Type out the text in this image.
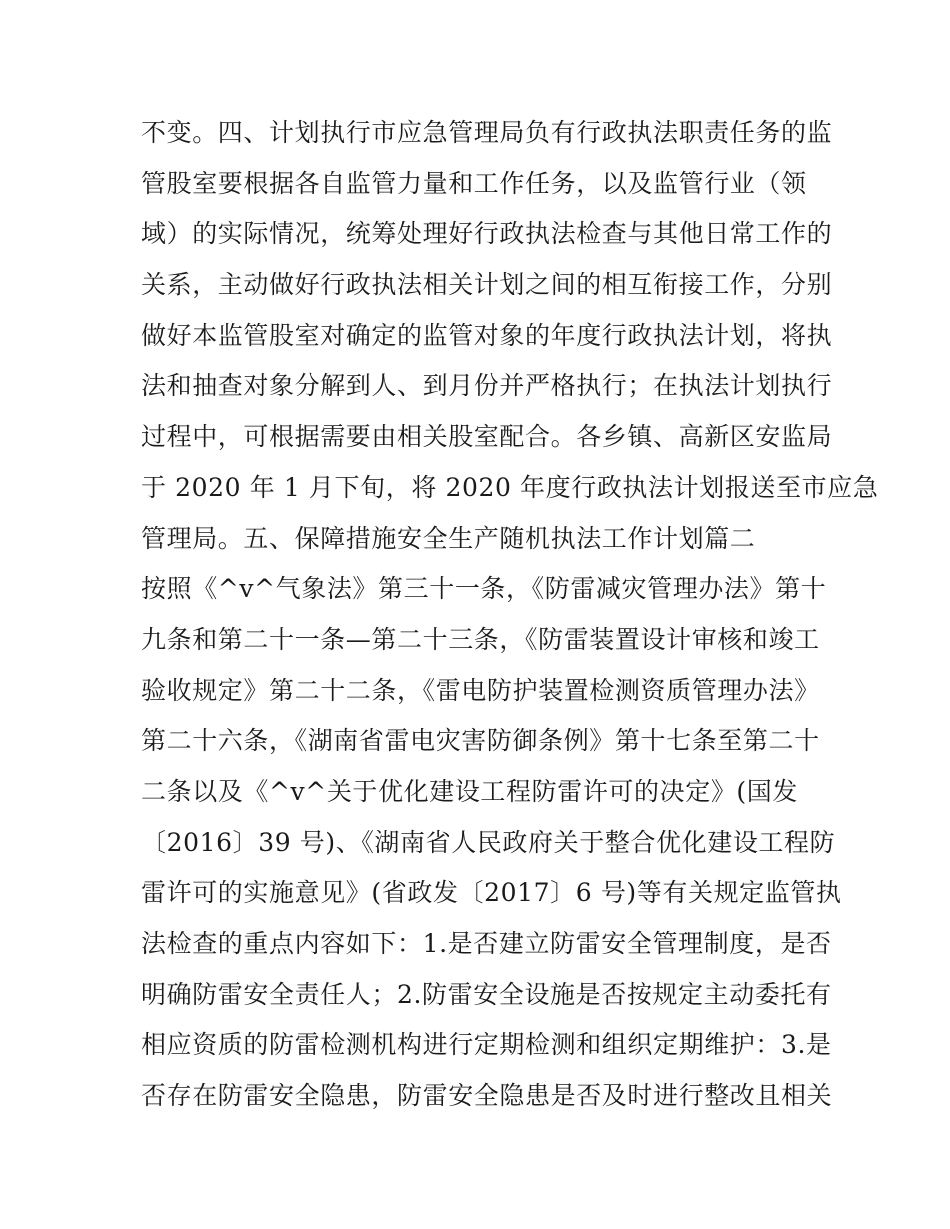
不变。四、计划执行市应急管理局负有行政执法职责任务的监
管股室要根据各自监管力量和工作任务，以及监管行业（领
域）的实际情况，统筹处理好行政执法检查与其他日常工作的
关系，主动做好行政执法相关计划之间的相互衔接工作，分别
做好本监管股室对确定的监管对象的年度行政执法计划，将执
法和抽查对象分解到人、到月份并严格执行；在执法计划执行
过程中，可根据需要由相关股室配合。各乡镇、高新区安监局
于 2020 年 1 月下旬，将 2020 年度行政执法计划报送至市应急
管理局。五、保障措施安全生产随机执法工作计划篇二
按照《^v^气象法》第三十一条，《防雷减灾管理办法》第十
九条和第二十一条—第二十三条，《防雷装置设计审核和竣工
验收规定》第二十二条，《雷电防护装置检测资质管理办法》
第二十六条，《湖南省雷电灾害防御条例》第十七条至第二十
二条以及《^v^关于优化建设工程防雷许可的决定》(国发
〔2016〕39 号)、《湖南省人民政府关于整合优化建设工程防
雷许可的实施意见》(省政发〔2017〕6 号)等有关规定监管执
法检查的重点内容如下：1.是否建立防雷安全管理制度，是否
明确防雷安全责任人；2.防雷安全设施是否按规定主动委托有
相应资质的防雷检测机构进行定期检测和组织定期维护：3.是
否存在防雷安全隐患，防雷安全隐患是否及时进行整改且相关
